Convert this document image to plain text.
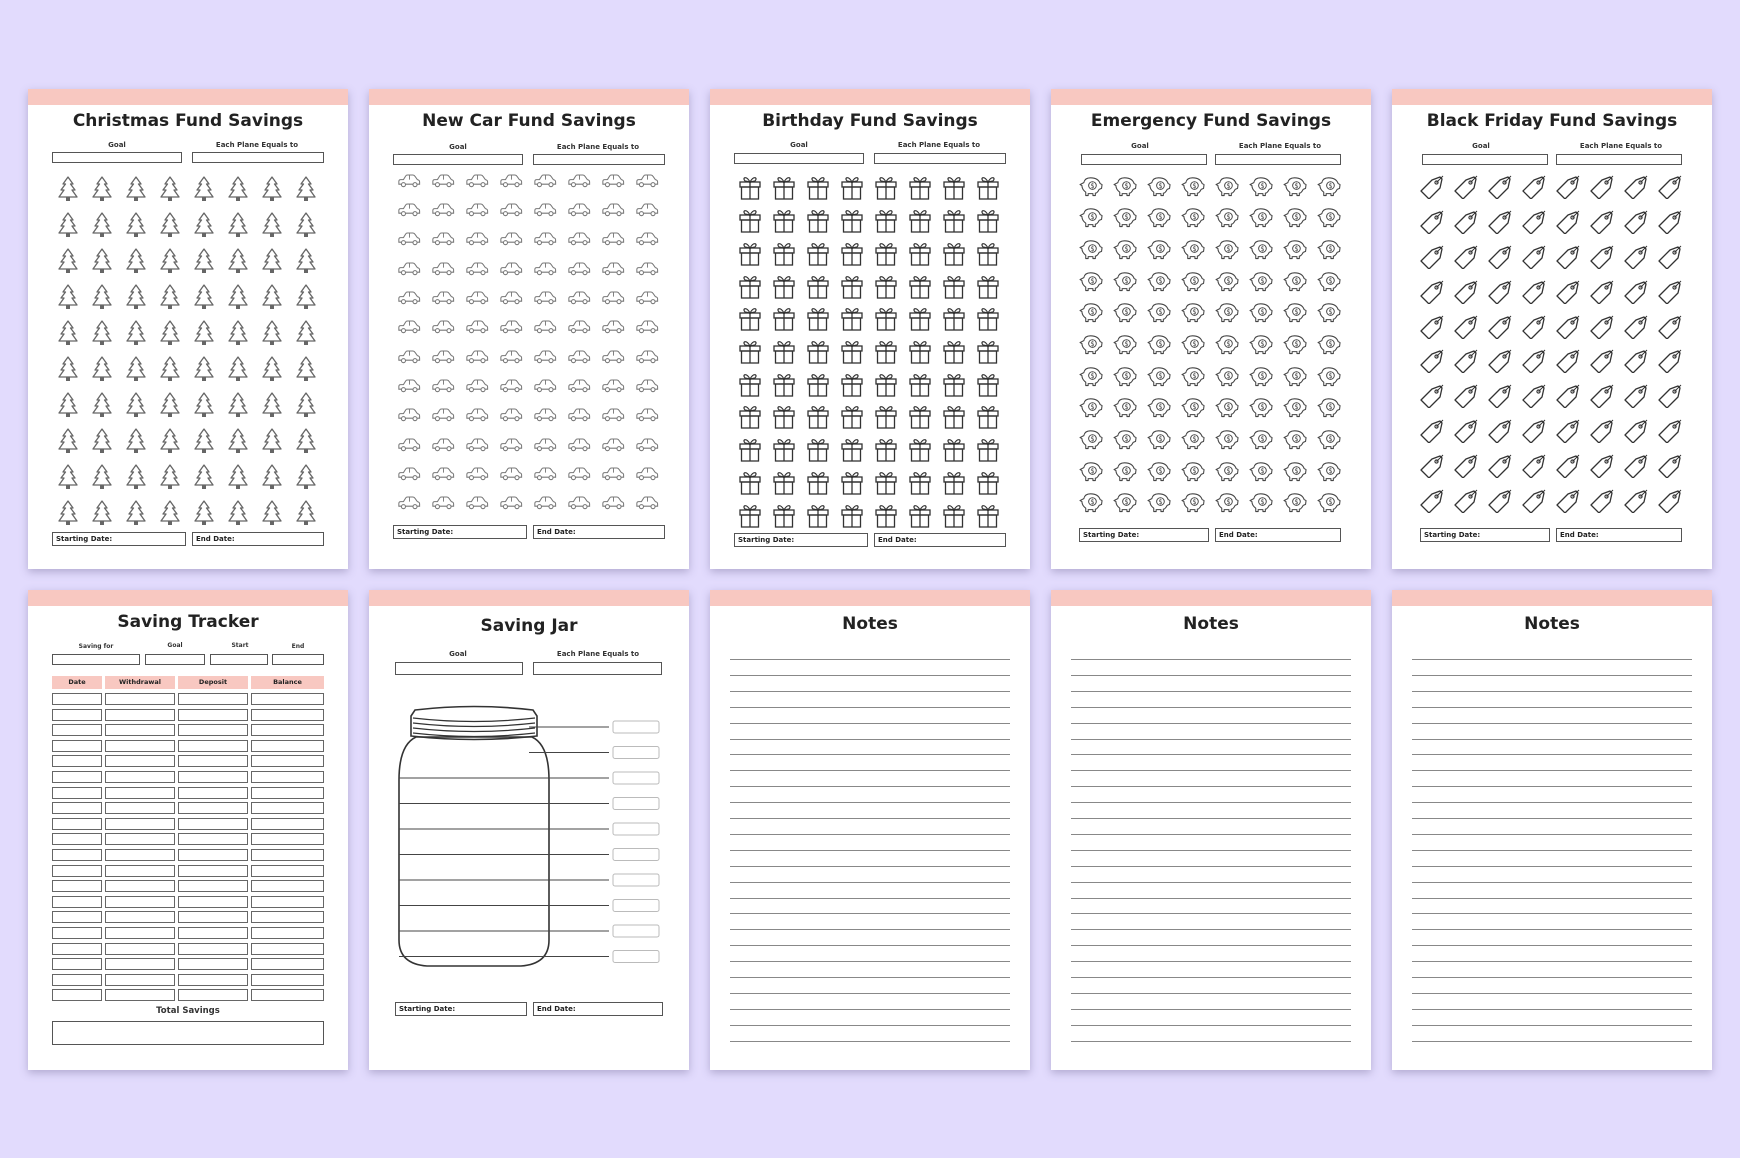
Christmas Fund Savings
Goal	Each Plane Equals to
Starting Date:	End Date:
New Car Fund Savings
Goal	Each Plane Equals to
Starting Date:	End Date:
Birthday Fund Savings
Goal	Each Plane Equals to
Starting Date:	End Date:
Emergency Fund Savings
Goal	Each Plane Equals to
$	$	$	$	$	$	$	$
$	$	$	$	$	$	$	$
$	$	$	$	$	$	$	$
$	$	$	$	$	$	$	$
$	$	$	$	$	$	$	$
$	$	$	$	$	$	$	$
$	$	$	$	$	$	$	$
$	$	$	$	$	$	$	$
$	$	$	$	$	$	$	$
$	$	$	$	$	$	$	$
$	$	$	$	$	$	$	$
Starting Date:	End Date:
Black Friday Fund Savings
Goal	Each Plane Equals to
Starting Date:	End Date:
Saving Tracker
Saving for	Goal	Start	End
Date	Withdrawal	Deposit	Balance
Total Savings
Saving Jar
Goal	Each Plane Equals to
Starting Date:	End Date:
Notes	Notes	Notes
